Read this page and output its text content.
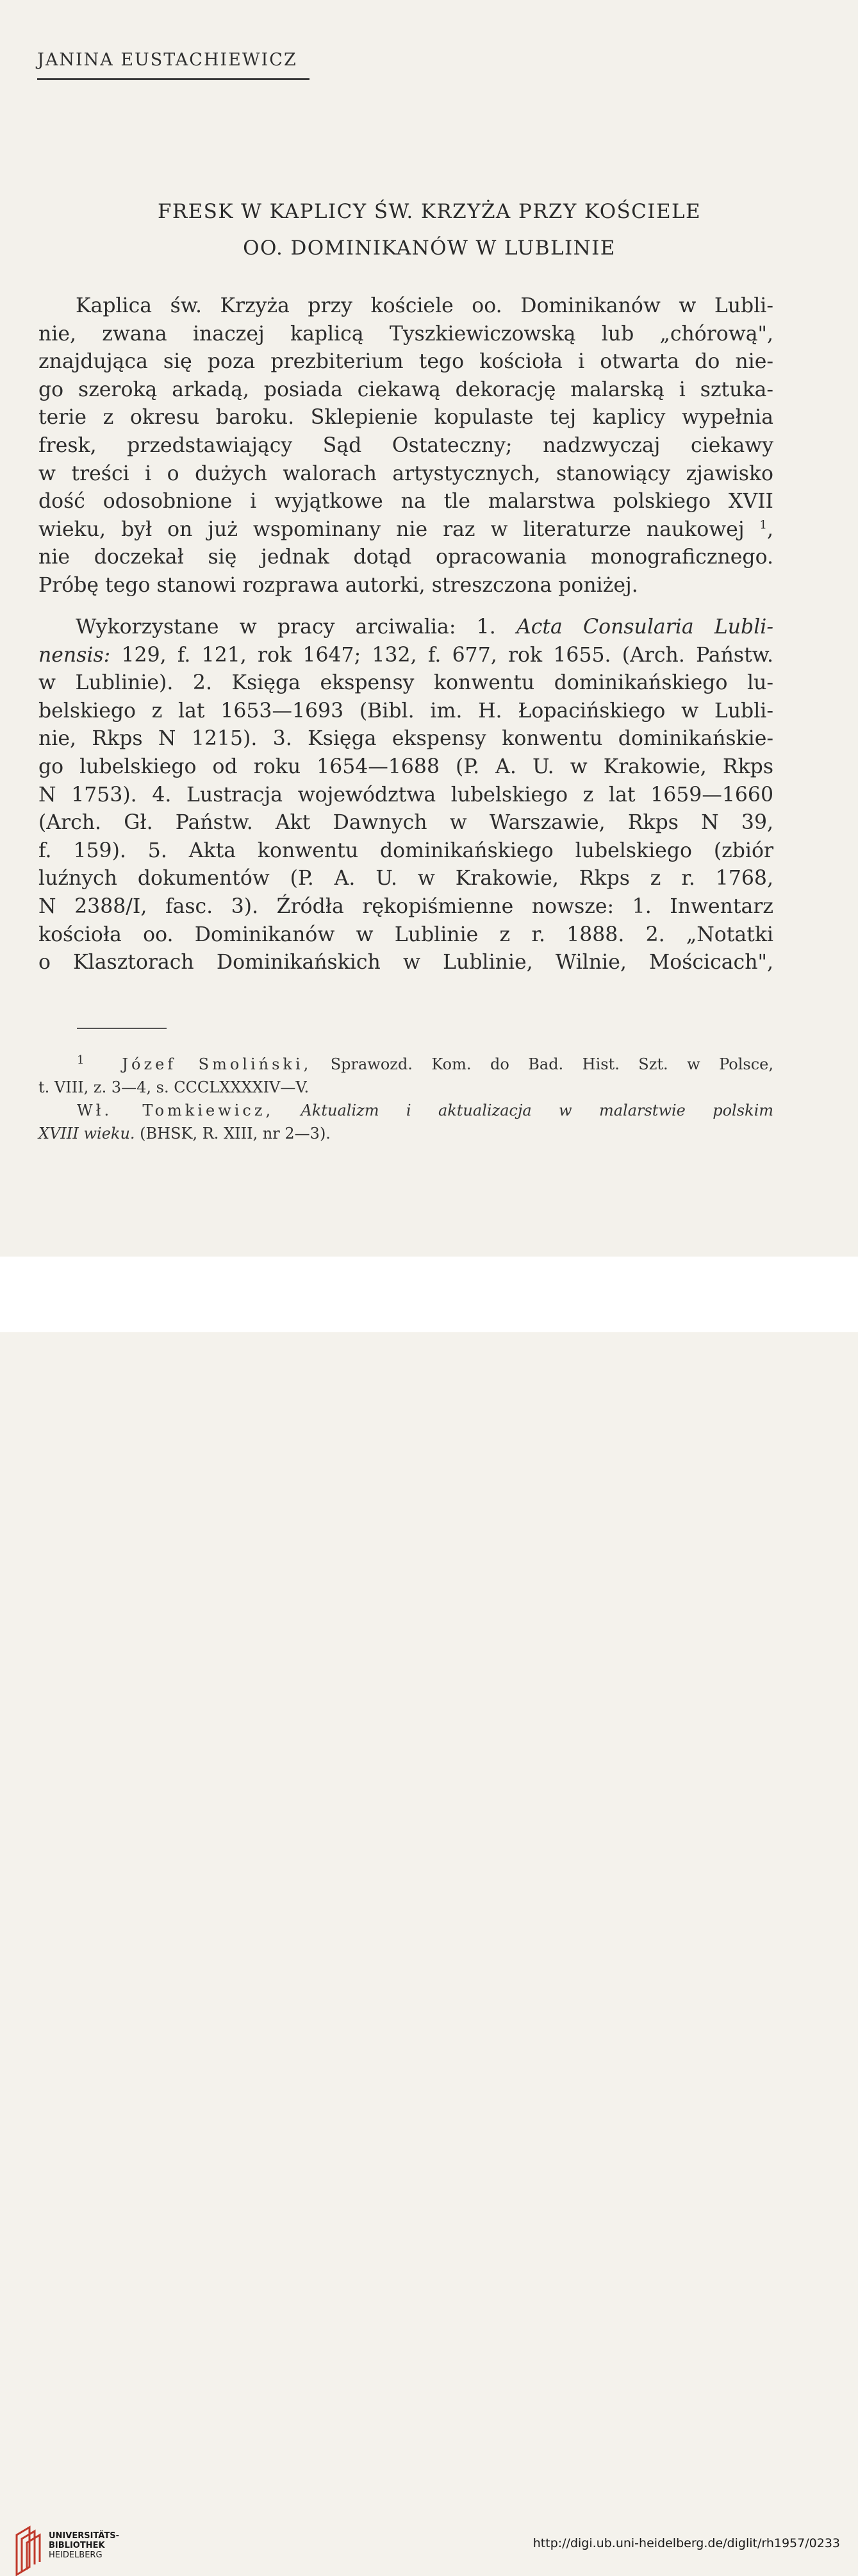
JANINA EUSTACHIEWICZ
FRESK W KAPLICY ŚW. KRZYŻA PRZY KOŚCIELE
OO. DOMINIKANÓW W LUBLINIE
Kaplica św. Krzyża przy kościele oo. Dominikanów w Lubli-
nie, zwana inaczej kaplicą Tyszkiewiczowską lub „chórową",
znajdująca się poza prezbiterium tego kościoła i otwarta do nie-
go szeroką arkadą, posiada ciekawą dekorację malarską i sztuka-
terie z okresu baroku. Sklepienie kopulaste tej kaplicy wypełnia
fresk, przedstawiający Sąd Ostateczny; nadzwyczaj ciekawy
w treści i o dużych walorach artystycznych, stanowiący zjawisko
dość odosobnione i wyjątkowe na tle malarstwa polskiego XVII
wieku, był on już wspominany nie raz w literaturze naukowej $^1$,
nie doczekał się jednak dotąd opracowania monograficznego.
Próbę tego stanowi rozprawa autorki, streszczona poniżej.
Wykorzystane w pracy arciwalia: 1. Acta Consularia Lubli-
nensis: 129, f. 121, rok 1647; 132, f. 677, rok 1655. (Arch. Państw.
w Lublinie). 2. Księga ekspensy konwentu dominikańskiego lu-
belskiego z lat 1653—1693 (Bibl. im. H. Łopacińskiego w Lubli-
nie, Rkps N 1215). 3. Księga ekspensy konwentu dominikańskie-
go lubelskiego od roku 1654—1688 (P. A. U. w Krakowie, Rkps
N 1753). 4. Lustracja województwa lubelskiego z lat 1659—1660
(Arch. Gł. Państw. Akt Dawnych w Warszawie, Rkps N 39,
f. 159). 5. Akta konwentu dominikańskiego lubelskiego (zbiór
luźnych dokumentów (P. A. U. w Krakowie, Rkps z r. 1768,
N 2388/I, fasc. 3). Źródła rękopiśmienne nowsze: 1. Inwentarz
kościoła oo. Dominikanów w Lublinie z r. 1888. 2. „Notatki
o Klasztorach Dominikańskich w Lublinie, Wilnie, Mościcach",
$^1$ Józef Smoliński, Sprawozd. Kom. do Bad. Hist. Szt. w Polsce,
t. VIII, z. 3—4, s. CCCLXXXXIV—V.
Wł. Tomkiewicz, Aktualizm i aktualizacja w malarstwie polskim
XVIII wieku. (BHSK, R. XIII, nr 2—3).
UNIVERSITÄTS-
BIBLIOTHEK
HEIDELBERG
http://digi.ub.uni-heidelberg.de/diglit/rh1957/0233
